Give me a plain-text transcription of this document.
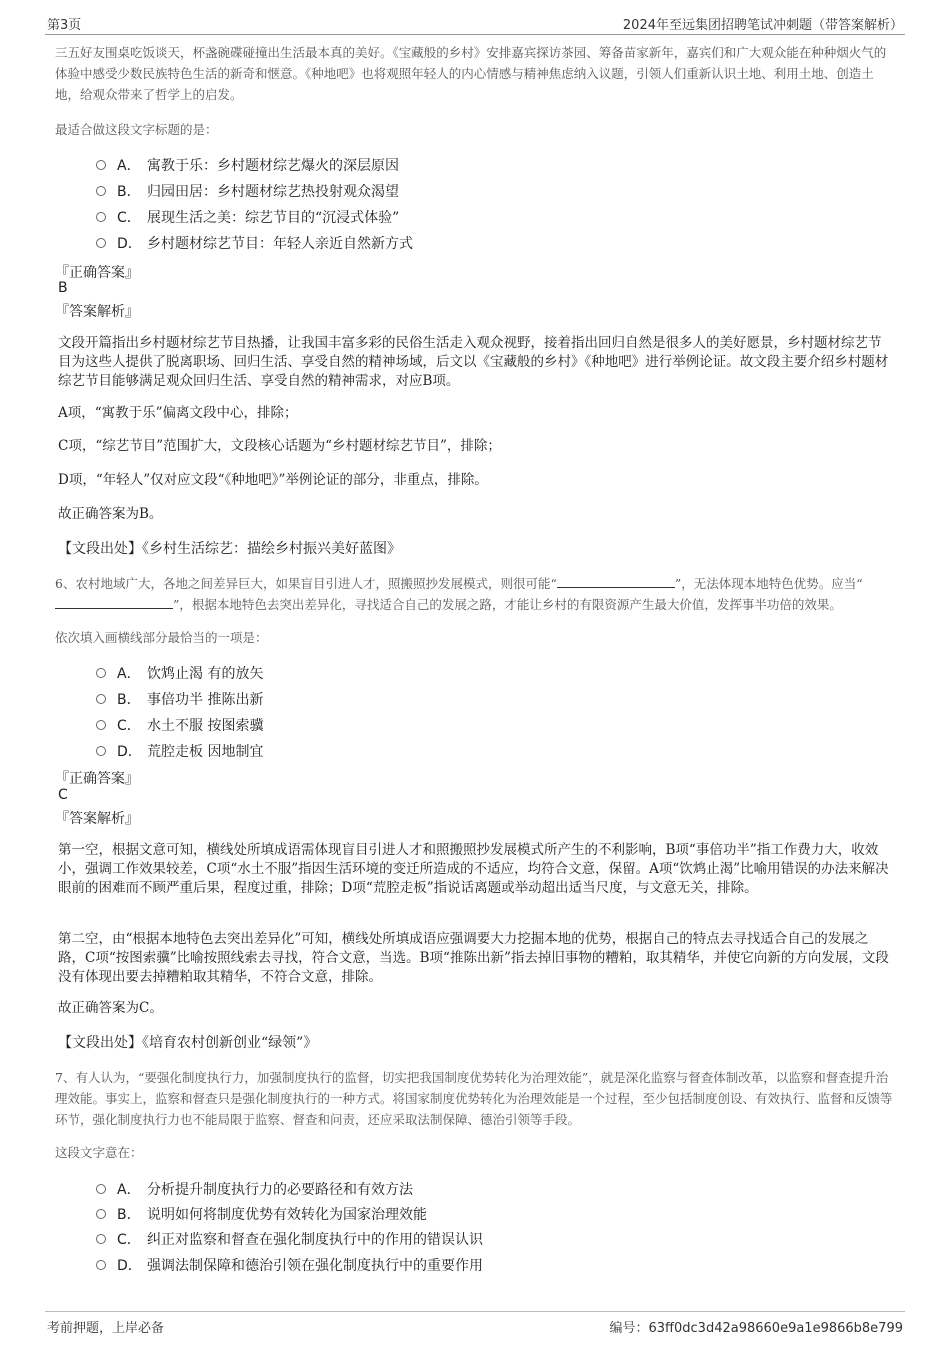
第3页	2024年至远集团招聘笔试冲刺题（带答案解析）
三五好友围桌吃饭谈天，杯盏碗碟碰撞出生活最本真的美好。《宝藏般的乡村》安排嘉宾探访茶园、筹备苗家新年，嘉宾们和广大观众能在种种烟火气的体验中感受少数民族特色生活的新奇和惬意。《种地吧》也将观照年轻人的内心情感与精神焦虑纳入议题，引领人们重新认识土地、利用土地、创造土地，给观众带来了哲学上的启发。
最适合做这段文字标题的是：
A． 寓教于乐：乡村题材综艺爆火的深层原因
B． 归园田居：乡村题材综艺热投射观众渴望
C． 展现生活之美：综艺节目的“沉浸式体验”
D． 乡村题材综艺节目：年轻人亲近自然新方式
『正确答案』
B
『答案解析』
文段开篇指出乡村题材综艺节目热播，让我国丰富多彩的民俗生活走入观众视野，接着指出回归自然是很多人的美好愿景，乡村题材综艺节目为这些人提供了脱离职场、回归生活、享受自然的精神场域，后文以《宝藏般的乡村》《种地吧》进行举例论证。故文段主要介绍乡村题材综艺节目能够满足观众回归生活、享受自然的精神需求，对应B项。
A项，“寓教于乐”偏离文段中心，排除；
C项，“综艺节目”范围扩大，文段核心话题为“乡村题材综艺节目”，排除；
D项，“年轻人”仅对应文段“《种地吧》”举例论证的部分，非重点，排除。
故正确答案为B。
【文段出处】《乡村生活综艺：描绘乡村振兴美好蓝图》
6、农村地域广大，各地之间差异巨大，如果盲目引进人才，照搬照抄发展模式，则很可能“	”，无法体现本地特色优势。应当“”，根据本地特色去突出差异化，寻找适合自己的发展之路，才能让乡村的有限资源产生最大价值，发挥事半功倍的效果。
依次填入画横线部分最恰当的一项是：
A． 饮鸩止渴 有的放矢
B． 事倍功半 推陈出新
C． 水土不服 按图索骥
D． 荒腔走板 因地制宜
『正确答案』
C
『答案解析』
第一空，根据文意可知，横线处所填成语需体现盲目引进人才和照搬照抄发展模式所产生的不利影响，B项“事倍功半”指工作费力大，收效小，强调工作效果较差，C项“水土不服”指因生活环境的变迁所造成的不适应，均符合文意，保留。A项“饮鸩止渴”比喻用错误的办法来解决眼前的困难而不顾严重后果，程度过重，排除；D项“荒腔走板”指说话离题或举动超出适当尺度，与文意无关，排除。
第二空，由“根据本地特色去突出差异化”可知，横线处所填成语应强调要大力挖掘本地的优势，根据自己的特点去寻找适合自己的发展之路，C项“按图索骥”比喻按照线索去寻找，符合文意，当选。B项“推陈出新”指去掉旧事物的糟粕，取其精华，并使它向新的方向发展，文段没有体现出要去掉糟粕取其精华，不符合文意，排除。
故正确答案为C。
【文段出处】《培育农村创新创业“绿领”》
7、有人认为，“要强化制度执行力，加强制度执行的监督，切实把我国制度优势转化为治理效能”，就是深化监察与督查体制改革，以监察和督查提升治理效能。事实上，监察和督查只是强化制度执行的一种方式。将国家制度优势转化为治理效能是一个过程，至少包括制度创设、有效执行、监督和反馈等环节，强化制度执行力也不能局限于监察、督查和问责，还应采取法制保障、德治引领等手段。
这段文字意在：
A． 分析提升制度执行力的必要路径和有效方法
B． 说明如何将制度优势有效转化为国家治理效能
C． 纠正对监察和督查在强化制度执行中的作用的错误认识
D． 强调法制保障和德治引领在强化制度执行中的重要作用
考前押题，上岸必备	编号：63ff0dc3d42a98660e9a1e9866b8e799
